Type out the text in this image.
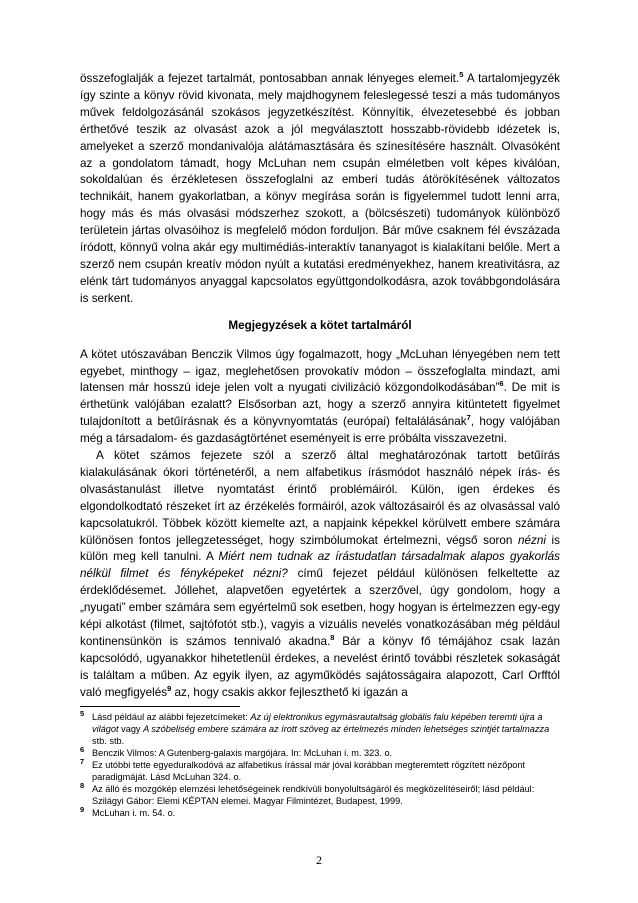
összefoglalják a fejezet tartalmát, pontosabban annak lényeges elemeit.$^5$ A tartalomjegyzék így szinte a könyv rövid kivonata, mely majdhogynem feleslegessé teszi a más tudományos művek feldolgozásánál szokásos jegyzetkészítést. Könnyítik, élvezetesebbé és jobban érthetővé teszik az olvasást azok a jól megválasztott hosszabb-rövidebb idézetek is, amelyeket a szerző mondanivalója alátámasztására és színesítésére használt. Olvasóként az a gondolatom támadt, hogy McLuhan nem csupán elméletben volt képes kiválóan, sokoldalúan és érzékletesen összefoglalni az emberi tudás átörökítésének változatos technikáit, hanem gyakorlatban, a könyv megírása során is figyelemmel tudott lenni arra, hogy más és más olvasási módszerhez szokott, a (bölcsészeti) tudományok különböző területein jártas olvasóihoz is megfelelő módon forduljon. Bár műve csaknem fél évszázada íródott, könnyű volna akár egy multimédiás-interaktív tananyagot is kialakítani belőle. Mert a szerző nem csupán kreatív módon nyúlt a kutatási eredményekhez, hanem kreativitásra, az elénk tárt tudományos anyaggal kapcsolatos együttgondolkodásra, azok továbbgondolására is serkent.

Megjegyzések a kötet tartalmáról

A kötet utószavában Benczik Vilmos úgy fogalmazott, hogy „McLuhan lényegében nem tett egyebet, minthogy – igaz, meglehetősen provokatív módon – összefoglalta mindazt, ami latensen már hosszú ideje jelen volt a nyugati civilizáció közgondolkodásában”$^6$. De mit is érthetünk valójában ezalatt? Elsősorban azt, hogy a szerző annyira kitüntetett figyelmet tulajdonított a betűírásnak és a könyvnyomtatás (európai) feltalálásának$^7$, hogy valójában még a társadalom- és gazdaságtörténet eseményeit is erre próbálta visszavezetni.

A kötet számos fejezete szól a szerző által meghatározónak tartott betűírás kialakulásának ókori történetéről, a nem alfabetikus írásmódot használó népek írás- és olvasástanulást illetve nyomtatást érintő problémáiról. Külön, igen érdekes és elgondolkodtató részeket írt az érzékelés formáiról, azok változásairól és az olvasással való kapcsolatukról. Többek között kiemelte azt, a napjaink képekkel körülvett embere számára különösen fontos jellegzetességet, hogy szimbólumokat értelmezni, végső soron nézni is külön meg kell tanulni. A Miért nem tudnak az írástudatlan társadalmak alapos gyakorlás nélkül filmet és fényképeket nézni? című fejezet például különösen felkeltette az érdeklődésemet. Jóllehet, alapvetően egyetértek a szerzővel, úgy gondolom, hogy a „nyugati” ember számára sem egyértelmű sok esetben, hogy hogyan is értelmezzen egy-egy képi alkotást (filmet, sajtófotót stb.), vagyis a vizuális nevelés vonatkozásában még például kontinensünkön is számos tennivaló akadna.$^8$ Bár a könyv fő témájához csak lazán kapcsolódó, ugyanakkor hihetetlenül érdekes, a nevelést érintő további részletek sokaságát is találtam a műben. Az egyik ilyen, az agyműködés sajátosságaira alapozott, Carl Orfftól való megfigyelés$^9$ az, hogy csakis akkor fejleszthető ki igazán a

5 Lásd például az alábbi fejezetcímeket: Az új elektronikus egymásrautaltság globális falu képében teremti újra a világot vagy A szóbeliség embere számára az írott szöveg az értelmezés minden lehetséges szintjét tartalmazza stb. stb.

6 Benczik Vilmos: A Gutenberg-galaxis margójára. In: McLuhan i. m. 323. o.

7 Ez utóbbi tette egyeduralkodóvá az alfabetikus írással már jóval korábban megteremtett rögzített nézőpont paradigmáját. Lásd McLuhan 324. o.

8 Az álló és mozgókép elemzési lehetőségeinek rendkívüli bonyolultságáról és megközelítéseiről; lásd például: Szilágyi Gábor: Elemi KÉPTAN elemei. Magyar Filmintézet, Budapest, 1999.

9 McLuhan i. m. 54. o.

2
